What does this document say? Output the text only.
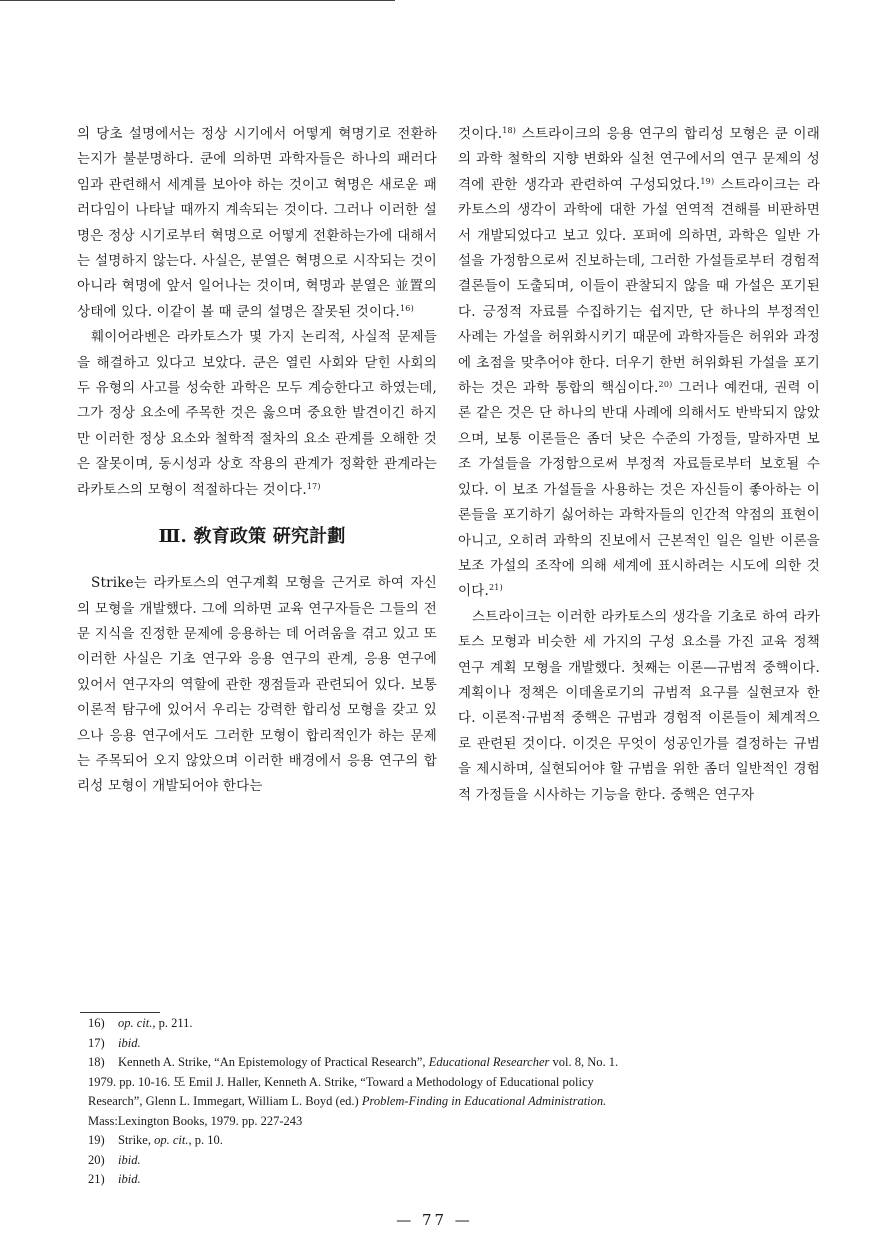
의 당초 설명에서는 정상 시기에서 어떻게 혁명기로 전환하는지가 불분명하다. 쿤에 의하면 과학자들은 하나의 패러다임과 관련해서 세계를 보아야 하는 것이고 혁명은 새로운 패러다임이 나타날 때까지 계속되는 것이다. 그러나 이러한 설명은 정상 시기로부터 혁명으로 어떻게 전환하는가에 대해서는 설명하지 않는다. 사실은, 분열은 혁명으로 시작되는 것이 아니라 혁명에 앞서 일어나는 것이며, 혁명과 분열은 並置의 상태에 있다. 이같이 볼 때 쿤의 설명은 잘못된 것이다.$^{16)}$

훼이어라벤은 라카토스가 몇 가지 논리적, 사실적 문제들을 해결하고 있다고 보았다. 쿤은 열린 사회와 닫힌 사회의 두 유형의 사고를 성숙한 과학은 모두 계승한다고 하였는데, 그가 정상 요소에 주목한 것은 옳으며 중요한 발견이긴 하지만 이러한 정상 요소와 철학적 절차의 요소 관계를 오해한 것은 잘못이며, 동시성과 상호 작용의 관계가 정확한 관계라는 라카토스의 모형이 적절하다는 것이다.$^{17)}$

Ⅲ. 敎育政策 硏究計劃

Strike는 라카토스의 연구계획 모형을 근거로 하여 자신의 모형을 개발했다. 그에 의하면 교육 연구자들은 그들의 전문 지식을 진정한 문제에 응용하는 데 어려움을 겪고 있고 또 이러한 사실은 기초 연구와 응용 연구의 관계, 응용 연구에 있어서 연구자의 역할에 관한 쟁점들과 관련되어 있다. 보통 이론적 탐구에 있어서 우리는 강력한 합리성 모형을 갖고 있으나 응용 연구에서도 그러한 모형이 합리적인가 하는 문제는 주목되어 오지 않았으며 이러한 배경에서 응용 연구의 합리성 모형이 개발되어야 한다는

것이다.$^{18)}$ 스트라이크의 응용 연구의 합리성 모형은 쿤 이래의 과학 철학의 지향 변화와 실천 연구에서의 연구 문제의 성격에 관한 생각과 관련하여 구성되었다.$^{19)}$ 스트라이크는 라카토스의 생각이 과학에 대한 가설 연역적 견해를 비판하면서 개발되었다고 보고 있다. 포퍼에 의하면, 과학은 일반 가설을 가정함으로써 진보하는데, 그러한 가설들로부터 경험적 결론들이 도출되며, 이들이 관찰되지 않을 때 가설은 포기된다. 긍정적 자료를 수집하기는 쉽지만, 단 하나의 부정적인 사례는 가설을 허위화시키기 때문에 과학자들은 허위와 과정에 초점을 맞추어야 한다. 더우기 한번 허위화된 가설을 포기하는 것은 과학 통합의 핵심이다.$^{20)}$ 그러나 예컨대, 권력 이론 같은 것은 단 하나의 반대 사례에 의해서도 반박되지 않았으며, 보통 이론들은 좀더 낮은 수준의 가정들, 말하자면 보조 가설들을 가정함으로써 부정적 자료들로부터 보호될 수 있다. 이 보조 가설들을 사용하는 것은 자신들이 좋아하는 이론들을 포기하기 싫어하는 과학자들의 인간적 약점의 표현이 아니고, 오히려 과학의 진보에서 근본적인 일은 일반 이론을 보조 가설의 조작에 의해 세계에 표시하려는 시도에 의한 것이다.$^{21)}$

스트라이크는 이러한 라카토스의 생각을 기초로 하여 라카토스 모형과 비슷한 세 가지의 구성 요소를 가진 교육 정책 연구 계획 모형을 개발했다. 첫째는 이론—규범적 중핵이다. 계획이나 정책은 이데올로기의 규범적 요구를 실현코자 한다. 이론적·규범적 중핵은 규범과 경험적 이론들이 체계적으로 관련된 것이다. 이것은 무엇이 성공인가를 결정하는 규범을 제시하며, 실현되어야 할 규범을 위한 좀더 일반적인 경험적 가정들을 시사하는 기능을 한다. 중핵은 연구자

16) op. cit., p. 211.

17) ibid.

18) Kenneth A. Strike, “An Epistemology of Practical Research”, Educational Researcher vol. 8, No. 1.

1979. pp. 10-16. 또 Emil J. Haller, Kenneth A. Strike, “Toward a Methodology of Educational policy

Research”, Glenn L. Immegart, William L. Boyd (ed.) Problem-Finding in Educational Administration.

Mass:Lexington Books, 1979. pp. 227-243

19) Strike, op. cit., p. 10.

20) ibid.

21) ibid.

— 77 —
